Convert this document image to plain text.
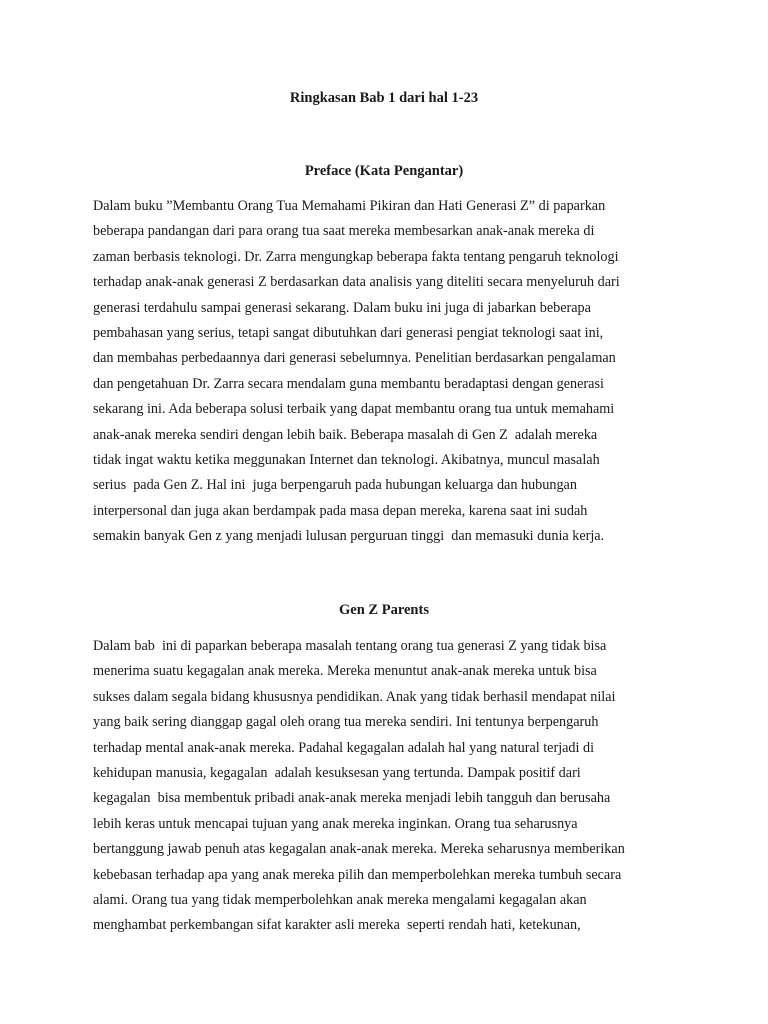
Ringkasan Bab 1 dari hal 1-23
Preface (Kata Pengantar)

Dalam buku ”Membantu Orang Tua Memahami Pikiran dan Hati Generasi Z” di paparkan
beberapa pandangan dari para orang tua saat mereka membesarkan anak-anak mereka di
zaman berbasis teknologi. Dr. Zarra mengungkap beberapa fakta tentang pengaruh teknologi
terhadap anak-anak generasi Z berdasarkan data analisis yang diteliti secara menyeluruh dari
generasi terdahulu sampai generasi sekarang. Dalam buku ini juga di jabarkan beberapa
pembahasan yang serius, tetapi sangat dibutuhkan dari generasi pengiat teknologi saat ini,
dan membahas perbedaannya dari generasi sebelumnya. Penelitian berdasarkan pengalaman
dan pengetahuan Dr. Zarra secara mendalam guna membantu beradaptasi dengan generasi
sekarang ini. Ada beberapa solusi terbaik yang dapat membantu orang tua untuk memahami
anak-anak mereka sendiri dengan lebih baik. Beberapa masalah di Gen Z  adalah mereka
tidak ingat waktu ketika meggunakan Internet dan teknologi. Akibatnya, muncul masalah
serius  pada Gen Z. Hal ini  juga berpengaruh pada hubungan keluarga dan hubungan
interpersonal dan juga akan berdampak pada masa depan mereka, karena saat ini sudah
semakin banyak Gen z yang menjadi lulusan perguruan tinggi  dan memasuki dunia kerja.

Gen Z Parents

Dalam bab  ini di paparkan beberapa masalah tentang orang tua generasi Z yang tidak bisa
menerima suatu kegagalan anak mereka. Mereka menuntut anak-anak mereka untuk bisa
sukses dalam segala bidang khususnya pendidikan. Anak yang tidak berhasil mendapat nilai
yang baik sering dianggap gagal oleh orang tua mereka sendiri. Ini tentunya berpengaruh
terhadap mental anak-anak mereka. Padahal kegagalan adalah hal yang natural terjadi di
kehidupan manusia, kegagalan  adalah kesuksesan yang tertunda. Dampak positif dari
kegagalan  bisa membentuk pribadi anak-anak mereka menjadi lebih tangguh dan berusaha
lebih keras untuk mencapai tujuan yang anak mereka inginkan. Orang tua seharusnya
bertanggung jawab penuh atas kegagalan anak-anak mereka. Mereka seharusnya memberikan
kebebasan terhadap apa yang anak mereka pilih dan memperbolehkan mereka tumbuh secara
alami. Orang tua yang tidak memperbolehkan anak mereka mengalami kegagalan akan
menghambat perkembangan sifat karakter asli mereka  seperti rendah hati, ketekunan,
